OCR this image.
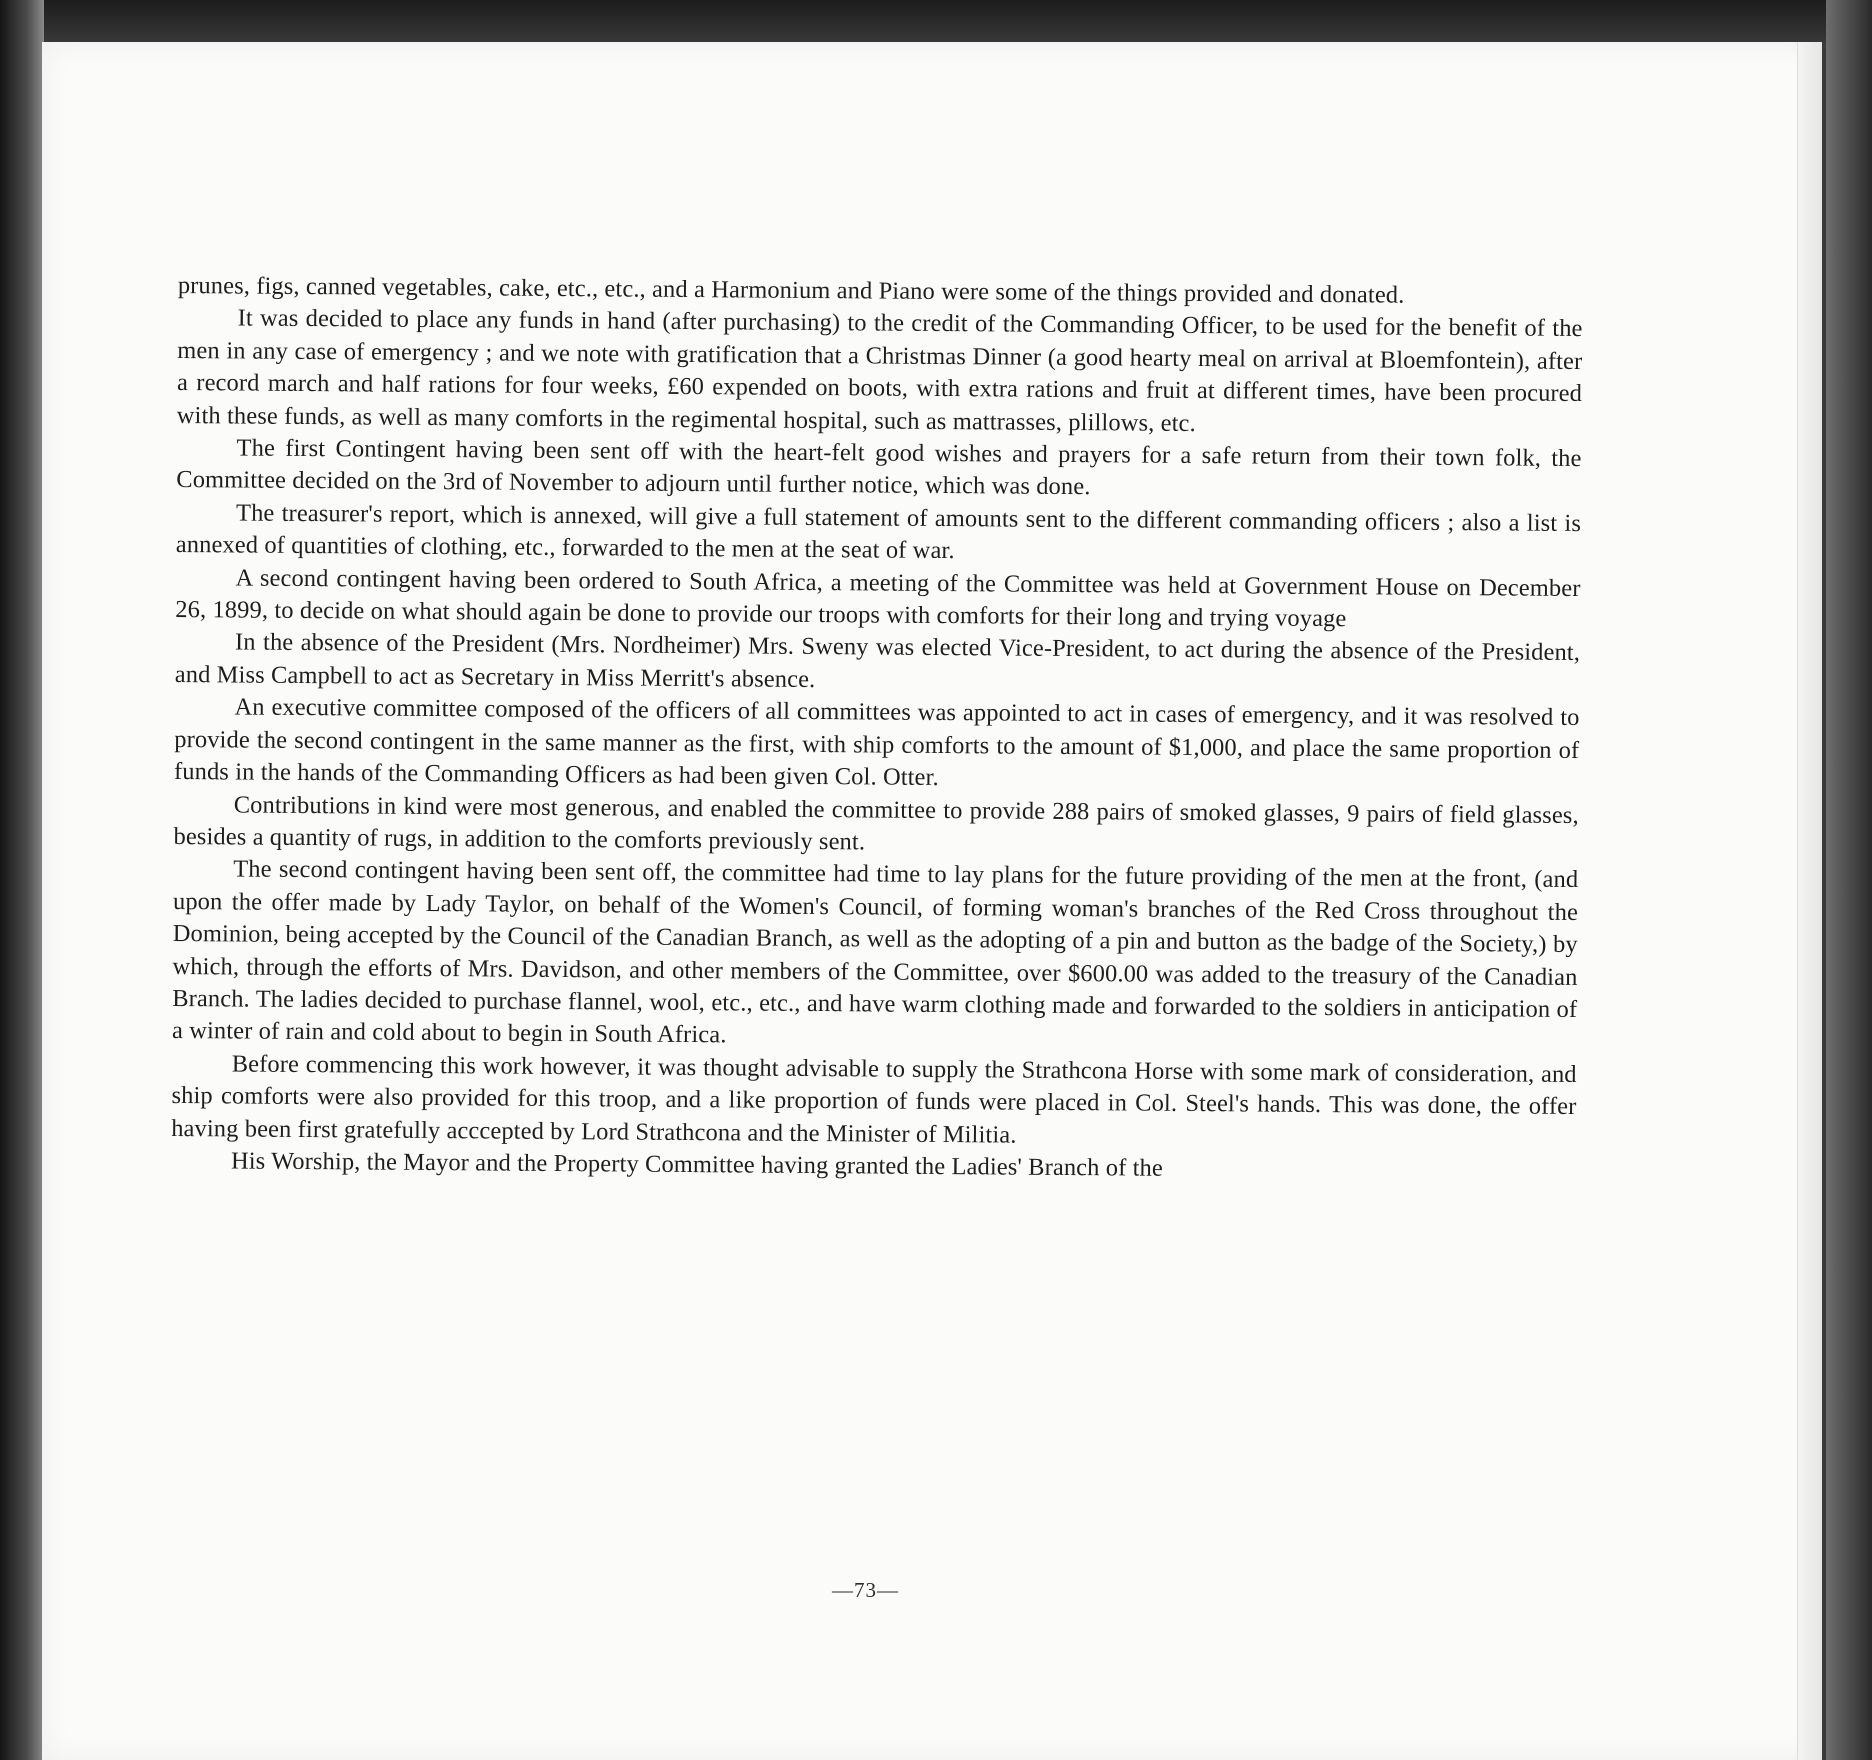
prunes, figs, canned vegetables, cake, etc., etc., and a Harmonium and Piano were some of the things provided and donated.

It was decided to place any funds in hand (after purchasing) to the credit of the Commanding Officer, to be used for the benefit of the men in any case of emergency ; and we note with gratification that a Christmas Dinner (a good hearty meal on arrival at Bloemfontein), after a record march and half rations for four weeks, £60 expended on boots, with extra rations and fruit at different times, have been procured with these funds, as well as many comforts in the regimental hospital, such as mattrasses, plillows, etc.

The first Contingent having been sent off with the heart-felt good wishes and prayers for a safe return from their town folk, the Committee decided on the 3rd of November to adjourn until further notice, which was done.

The treasurer's report, which is annexed, will give a full statement of amounts sent to the different commanding officers ; also a list is annexed of quantities of clothing, etc., forwarded to the men at the seat of war.

A second contingent having been ordered to South Africa, a meeting of the Committee was held at Government House on December 26, 1899, to decide on what should again be done to provide our troops with comforts for their long and trying voyage

In the absence of the President (Mrs. Nordheimer) Mrs. Sweny was elected Vice-President, to act during the absence of the President, and Miss Campbell to act as Secretary in Miss Merritt's absence.

An executive committee composed of the officers of all committees was appointed to act in cases of emergency, and it was resolved to provide the second contingent in the same manner as the first, with ship comforts to the amount of $1,000, and place the same proportion of funds in the hands of the Commanding Officers as had been given Col. Otter.

Contributions in kind were most generous, and enabled the committee to provide 288 pairs of smoked glasses, 9 pairs of field glasses, besides a quantity of rugs, in addition to the comforts previously sent.

The second contingent having been sent off, the committee had time to lay plans for the future providing of the men at the front, (and upon the offer made by Lady Taylor, on behalf of the Women's Council, of forming woman's branches of the Red Cross throughout the Dominion, being accepted by the Council of the Canadian Branch, as well as the adopting of a pin and button as the badge of the Society,) by which, through the efforts of Mrs. Davidson, and other members of the Committee, over $600.00 was added to the treasury of the Canadian Branch. The ladies decided to purchase flannel, wool, etc., etc., and have warm clothing made and forwarded to the soldiers in anticipation of a winter of rain and cold about to begin in South Africa.

Before commencing this work however, it was thought advisable to supply the Strathcona Horse with some mark of consideration, and ship comforts were also provided for this troop, and a like proportion of funds were placed in Col. Steel's hands. This was done, the offer having been first gratefully acccepted by Lord Strathcona and the Minister of Militia.

His Worship, the Mayor and the Property Committee having granted the Ladies' Branch of the

—73—
